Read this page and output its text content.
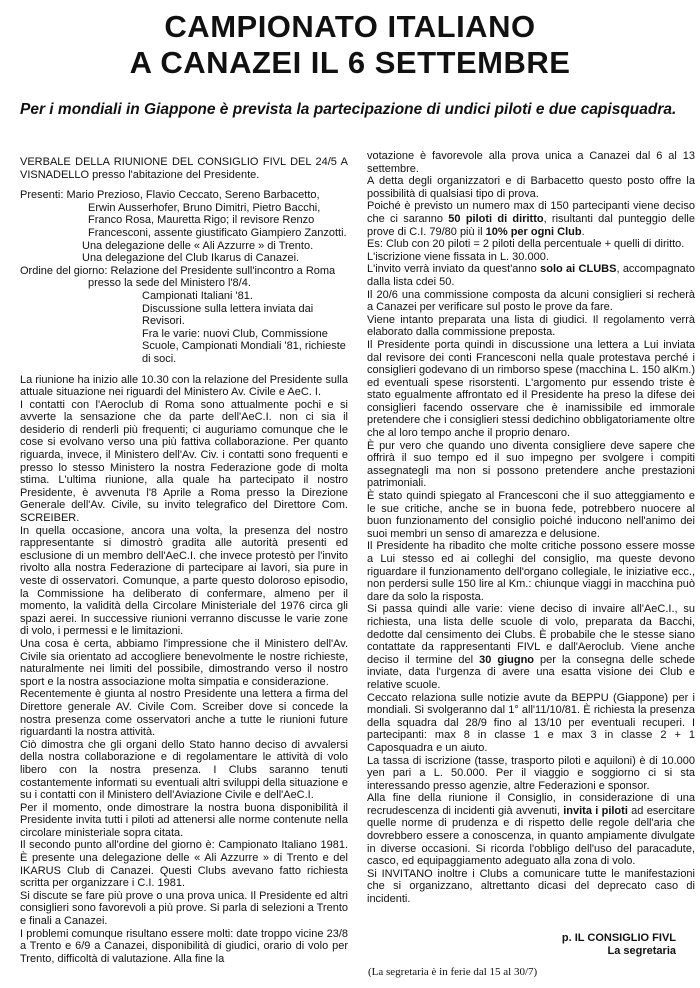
CAMPIONATO ITALIANO
A CANAZEI IL 6 SETTEMBRE
Per i mondiali in Giappone è prevista la partecipazione di undici piloti e due capisquadra.

VERBALE DELLA RIUNIONE DEL CONSIGLIO FIVL DEL 24/5 A VISNADELLO presso l'abitazione del Presidente.

Presenti: Mario Prezioso, Flavio Ceccato, Sereno Barbacetto, Erwin Ausserhofer, Bruno Dimitri, Pietro Bacchi, Franco Rosa, Mauretta Rigo; il revisore Renzo Francesconi, assente giustificato Giampiero Zanzotti.

Una delegazione delle « Ali Azzurre » di Trento.

Una delegazione del Club Ikarus di Canazei.

Ordine del giorno: Relazione del Presidente sull'incontro a Roma presso la sede del Ministero l'8/4.

Campionati Italiani '81.

Discussione sulla lettera inviata dai Revisori.

Fra le varie: nuovi Club, Commissione Scuole, Campionati Mondiali '81, richieste di soci.

La riunione ha inizio alle 10.30 con la relazione del Presidente sulla attuale situazione nei riguardi del Ministero Av. Civile e AeC. I.

I contatti con l'Aeroclub di Roma sono attualmente pochi e si avverte la sensazione che da parte dell'AeC.I. non ci sia il desiderio di renderli più frequenti; ci auguriamo comunque che le cose si evolvano verso una più fattiva collaborazione. Per quanto riguarda, invece, il Ministero dell'Av. Civ. i contatti sono frequenti e presso lo stesso Ministero la nostra Federazione gode di molta stima. L'ultima riunione, alla quale ha partecipato il nostro Presidente, è avvenuta l'8 Aprile a Roma presso la Direzione Generale dell'Av. Civile, su invito telegrafico del Direttore Com. SCREIBER.

In quella occasione, ancora una volta, la presenza del nostro rappresentante si dimostrò gradita alle autorità presenti ed esclusione di un membro dell'AeC.I. che invece protestò per l'invito rivolto alla nostra Federazione di partecipare ai lavori, sia pure in veste di osservatori. Comunque, a parte questo doloroso episodio, la Commissione ha deliberato di confermare, almeno per il momento, la validità della Circolare Ministeriale del 1976 circa gli spazi aerei. In successive riunioni verranno discusse le varie zone di volo, i permessi e le limitazioni.

Una cosa è certa, abbiamo l'impressione che il Ministero dell'Av. Civile sia orientato ad accogliere benevolmente le nostre richieste, naturalmente nei limiti del possibile, dimostrando verso il nostro sport e la nostra associazione molta simpatia e considerazione.

Recentemente è giunta al nostro Presidente una lettera a firma del Direttore generale AV. Civile Com. Screiber dove si concede la nostra presenza come osservatori anche a tutte le riunioni future riguardanti la nostra attività.

Ciò dimostra che gli organi dello Stato hanno deciso di avvalersi della nostra collaborazione e di regolamentare le attività di volo libero con la nostra presenza. I Clubs saranno tenuti costantemente informati su eventuali altri sviluppi della situazione e su i contatti con il Ministero dell'Aviazione Civile e dell'AeC.I.

Per il momento, onde dimostrare la nostra buona disponibilità il Presidente invita tutti i piloti ad attenersi alle norme contenute nella circolare ministeriale sopra citata.

Il secondo punto all'ordine del giorno è: Campionato Italiano 1981. È presente una delegazione delle « Ali Azzurre » di Trento e del IKARUS Club di Canazei. Questi Clubs avevano fatto richiesta scritta per organizzare i C.I. 1981.

Si discute se fare più prove o una prova unica. Il Presidente ed altri consiglieri sono favorevoli a più prove. Si parla di selezioni a Trento e finali a Canazei.

I problemi comunque risultano essere molti: date troppo vicine 23/8 a Trento e 6/9 a Canazei, disponibilità di giudici, orario di volo per Trento, difficoltà di valutazione. Alla fine la

votazione è favorevole alla prova unica a Canazei dal 6 al 13 settembre.

A detta degli organizzatori e di Barbacetto questo posto offre la possibilità di qualsiasi tipo di prova.

Poiché è previsto un numero max di 150 partecipanti viene deciso che ci saranno 50 piloti di diritto, risultanti dal punteggio delle prove di C.I. 79/80 più il 10% per ogni Club.

Es: Club con 20 piloti = 2 piloti della percentuale + quelli di diritto.

L'iscrizione viene fissata in L. 30.000.

L'invito verrà inviato da quest'anno solo ai CLUBS, accompagnato dalla lista cdei 50.

Il 20/6 una commissione composta da alcuni consiglieri si recherà a Canazei per verificare sul posto le prove da fare.

Viene intanto preparata una lista di giudici. Il regolamento verrà elaborato dalla commissione preposta.

Il Presidente porta quindi in discussione una lettera a Lui inviata dal revisore dei conti Francesconi nella quale protestava perché i consiglieri godevano di un rimborso spese (macchina L. 150 alKm.) ed eventuali spese risorstenti. L'argomento pur essendo triste è stato egualmente affrontato ed il Presidente ha preso la difese dei consiglieri facendo osservare che è inamissibile ed immorale pretendere che i consiglieri stessi dedichino obbligatoriamente oltre che al loro tempo anche il proprio denaro.

È pur vero che quando uno diventa consigliere deve sapere che offrirà il suo tempo ed il suo impegno per svolgere i compiti assegnategli ma non si possono pretendere anche prestazioni patrimoniali.

È stato quindi spiegato al Francesconi che il suo atteggiamento e le sue critiche, anche se in buona fede, potrebbero nuocere al buon funzionamento del consiglio poiché inducono nell'animo dei suoi membri un senso di amarezza e delusione.

Il Presidente ha ribadito che molte critiche possono essere mosse a Lui stesso ed ai colleghi del consiglio, ma queste devono riguardare il funzionamento dell'organo collegiale, le iniziative ecc., non perdersi sulle 150 lire al Km.: chiunque viaggi in macchina può dare da solo la risposta.

Si passa quindi alle varie: viene deciso di invaire all'AeC.I., su richiesta, una lista delle scuole di volo, preparata da Bacchi, dedotte dal censimento dei Clubs. È probabile che le stesse siano contattate da rappresentanti FIVL e dall'Aeroclub. Viene anche deciso il termine del 30 giugno per la consegna delle schede inviate, data l'urgenza di avere una esatta visione dei Club e relative scuole.

Ceccato relaziona sulle notizie avute da BEPPU (Giappone) per i mondiali. Si svolgeranno dal 1° all'11/10/81. È richiesta la presenza della squadra dal 28/9 fino al 13/10 per eventuali recuperi. I partecipanti: max 8 in classe 1 e max 3 in classe 2 + 1 Caposquadra e un aiuto.

La tassa di iscrizione (tasse, trasporto piloti e aquiloni) è di 10.000 yen pari a L. 50.000. Per il viaggio e soggiorno ci si sta interessando presso agenzie, altre Federazioni e sponsor.

Alla fine della riunione il Consiglio, in considerazione di una recrudescenza di incidenti già avvenuti, invita i piloti ad esercitare quelle norme di prudenza e di rispetto delle regole dell'aria che dovrebbero essere a conoscenza, in quanto ampiamente divulgate in diverse occasioni. Si ricorda l'obbligo dell'uso del paracadute, casco, ed equipaggiamento adeguato alla zona di volo.

Si INVITANO inoltre i Clubs a comunicare tutte le manifestazioni che si organizzano, altrettanto dicasi del deprecato caso di incidenti.

p. IL CONSIGLIO FIVL
La segretaria
(La segretaria è in ferie dal 15 al 30/7)
